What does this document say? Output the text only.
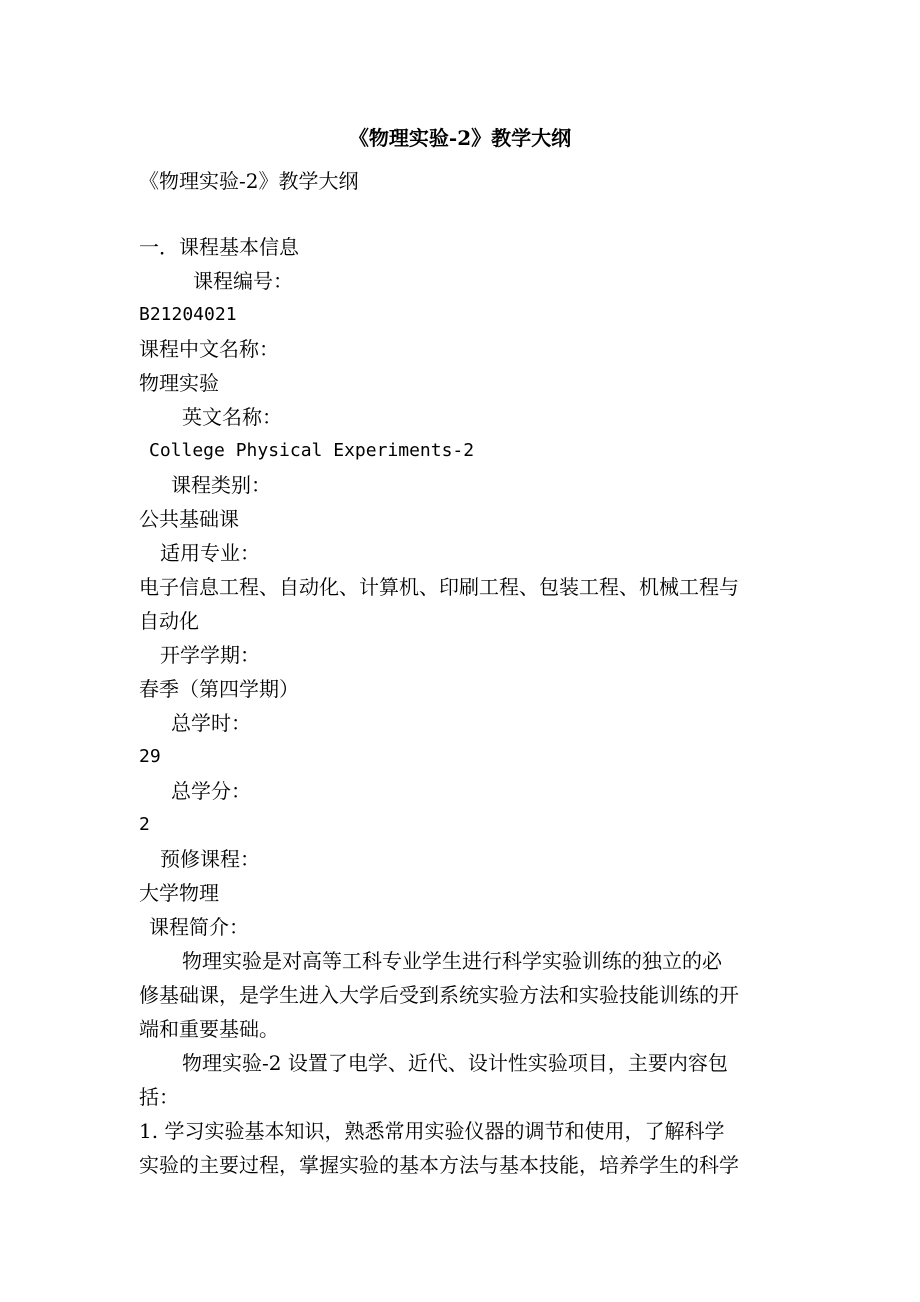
《物理实验-2》教学大纲
《物理实验-2》教学大纲
一．课程基本信息
课程编号：
B21204021
课程中文名称：
物理实验
英文名称：
College Physical Experiments-2
课程类别：
公共基础课
适用专业：
电子信息工程、自动化、计算机、印刷工程、包装工程、机械工程与
自动化
开学学期：
春季（第四学期）
总学时：
29
总学分：
2
预修课程：
大学物理
课程简介：
物理实验是对高等工科专业学生进行科学实验训练的独立的必
修基础课，是学生进入大学后受到系统实验方法和实验技能训练的开
端和重要基础。
物理实验-2 设置了电学、近代、设计性实验项目，主要内容包
括：
1. 学习实验基本知识，熟悉常用实验仪器的调节和使用，了解科学
实验的主要过程，掌握实验的基本方法与基本技能，培养学生的科学
